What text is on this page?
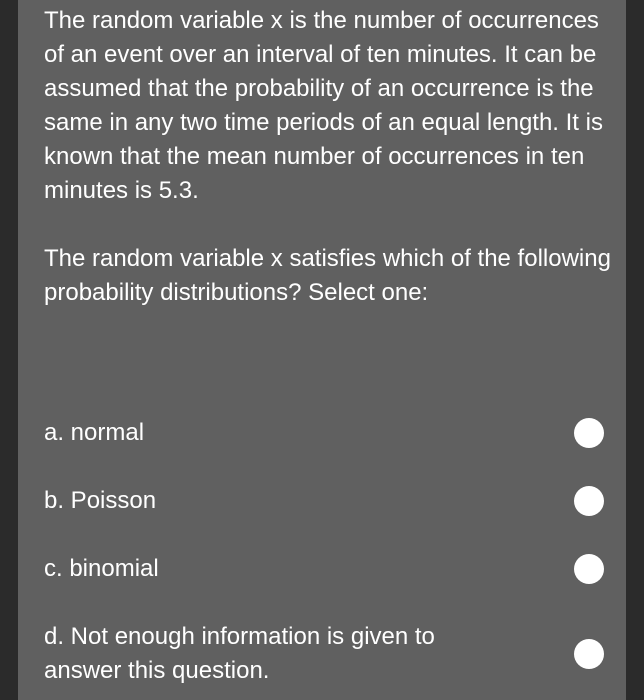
The random variable x is the number of occurrences of an event over an interval of ten minutes. It can be assumed that the probability of an occurrence is the same in any two time periods of an equal length. It is known that the mean number of occurrences in ten minutes is 5.3.

The random variable x satisfies which of the following probability distributions? Select one:

a. normal
b. Poisson
c. binomial
d. Not enough information is given to answer this question.
